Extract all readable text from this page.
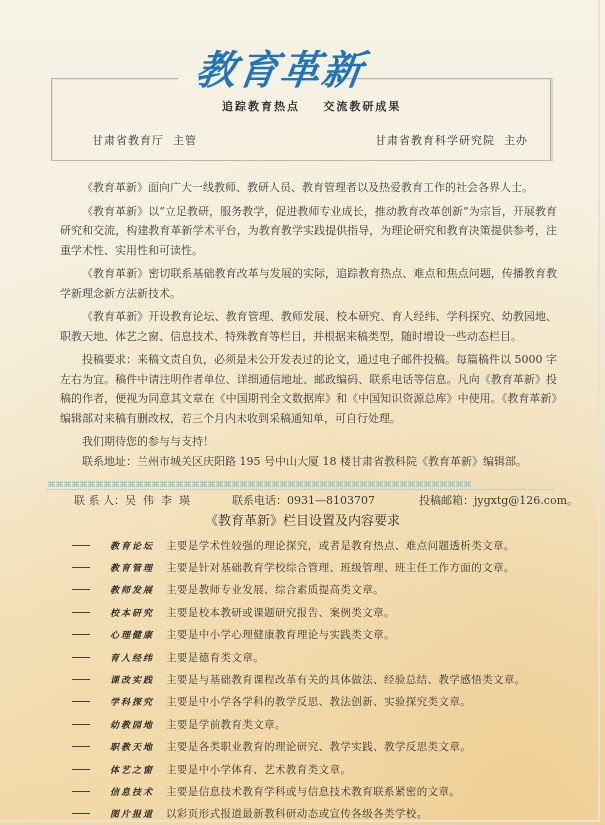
教育革新
追踪教育热点    交流教研成果
甘肃省教育厅  主管	甘肃省教育科学研究院  主办

《教育革新》面向广大一线教师、教研人员、教育管理者以及热爱教育工作的社会各界人士。

《教育革新》以“立足教研，服务教学，促进教师专业成长，推动教育改革创新”为宗旨，开展教育研究和交流，构建教育革新学术平台，为教育教学实践提供指导，为理论研究和教育决策提供参考，注重学术性、实用性和可读性。

《教育革新》密切联系基础教育改革与发展的实际，追踪教育热点、难点和焦点问题，传播教育教学新理念新方法新技术。

《教育革新》开设教育论坛、教育管理、教师发展、校本研究、育人经纬、学科探究、幼教园地、职教天地、体艺之窗、信息技术、特殊教育等栏目，并根据来稿类型，随时增设一些动态栏目。

投稿要求：来稿文责自负，必须是未公开发表过的论文，通过电子邮件投稿。每篇稿件以 5000 字左右为宜。稿件中请注明作者单位、详细通信地址、邮政编码、联系电话等信息。凡向《教育革新》投稿的作者，便视为同意其文章在《中国期刊全文数据库》和《中国知识资源总库》中使用。《教育革新》编辑部对来稿有删改权，若三个月内未收到采稿通知单，可自行处理。

我们期待您的参与与支持！

联系地址：兰州市城关区庆阳路 195 号中山大厦 18 楼甘肃省教科院《教育革新》编辑部。

联 系 人：吴  伟  李  瑛	联系电话：0931—8103707	投稿邮箱：jygxtg@126.com。

⌘⌘⌘⌘⌘⌘⌘⌘⌘⌘⌘⌘⌘⌘⌘⌘⌘⌘⌘⌘⌘⌘⌘⌘⌘⌘⌘⌘⌘⌘⌘⌘⌘⌘⌘⌘⌘⌘⌘⌘⌘⌘⌘⌘⌘⌘⌘⌘⌘⌘⌘⌘⌘
《教育革新》栏目设置及内容要求
教育论坛	主要是学术性较强的理论探究，或者是教育热点、难点问题透析类文章。
教育管理	主要是针对基础教育学校综合管理、班级管理、班主任工作方面的文章。
教师发展	主要是教师专业发展、综合素质提高类文章。
校本研究	主要是校本教研或课题研究报告、案例类文章。
心理健康	主要是中小学心理健康教育理论与实践类文章。
育人经纬	主要是德育类文章。
课改实践	主要是与基础教育课程改革有关的具体做法、经验总结、教学感悟类文章。
学科探究	主要是中小学各学科的教学反思、教法创新、实验探究类文章。
幼教园地	主要是学前教育类文章。
职教天地	主要是各类职业教育的理论研究、教学实践、教学反思类文章。
体艺之窗	主要是中小学体育、艺术教育类文章。
信息技术	主要是信息技术教育学科或与信息技术教育联系紧密的文章。
图片报道	以彩页形式报道最新教科研动态或宣传各级各类学校。
